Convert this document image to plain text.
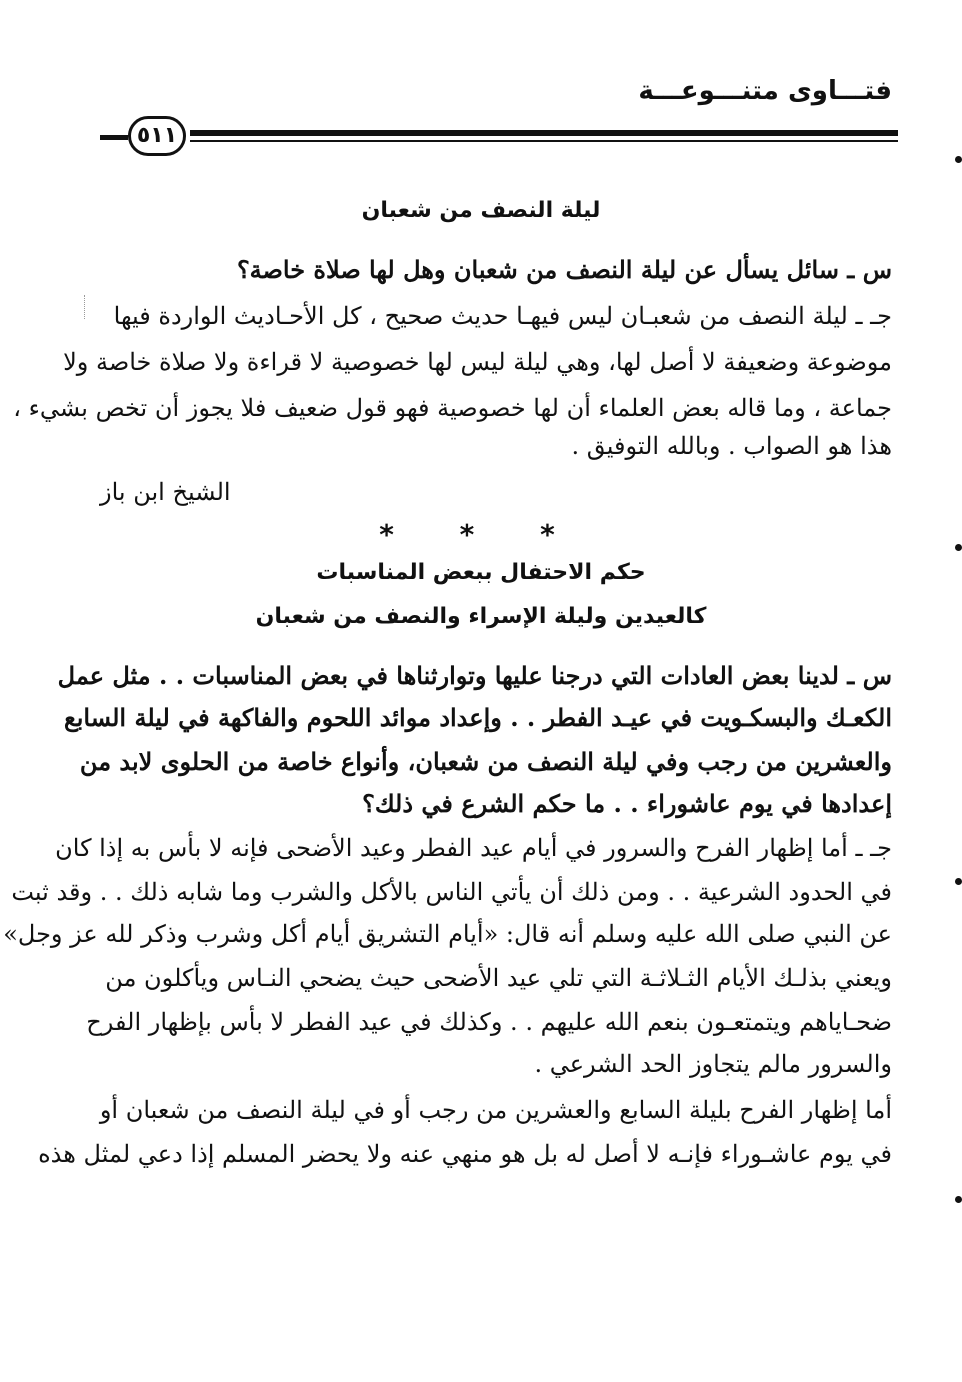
فتـــاوى متنـــوعـــة
٥١١
ليلة النصف من شعبان
س ـ سائل يسأل عن ليلة النصف من شعبان وهل لها صلاة خاصة؟
جـ ـ ليلة النصف من شعبـان ليس فيهـا حديث صحيح ، كل الأحـاديث الواردة فيها
موضوعة وضعيفة لا أصل لها، وهي ليلة ليس لها خصوصية لا قراءة ولا صلاة خاصة ولا
جماعة ، وما قاله بعض العلماء أن لها خصوصية فهو قول ضعيف فلا يجوز أن تخص بشيء ،
هذا هو الصواب . وبالله التوفيق .
الشيخ ابن باز
* * *
حكم الاحتفال ببعض المناسبات
كالعيدين وليلة الإسراء والنصف من شعبان
س ـ لدينا بعض العادات التي درجنا عليها وتوارثناها في بعض المناسبات . . مثل عمل
الكعـك والبسكـويت في عيـد الفطر . . وإعداد موائد اللحوم والفاكهة في ليلة السابع
والعشرين من رجب وفي ليلة النصف من شعبان، وأنواع خاصة من الحلوى لابد من
إعدادها في يوم عاشوراء . . ما حكم الشرع في ذلك؟
جـ ـ أما إظهار الفرح والسرور في أيام عيد الفطر وعيد الأضحى فإنه لا بأس به إذا كان
في الحدود الشرعية . . ومن ذلك أن يأتي الناس بالأكل والشرب وما شابه ذلك . . وقد ثبت
عن النبي صلى الله عليه وسلم أنه قال: «أيام التشريق أيام أكل وشرب وذكر لله عز وجل»
ويعني بذلـك الأيام الثـلاثـة التي تلي عيد الأضحى حيث يضحي النـاس ويأكلون من
ضحـاياهم ويتمتعـون بنعم الله عليهم . . وكذلك في عيد الفطر لا بأس بإظهار الفرح
والسرور مالم يتجاوز الحد الشرعي .
أما إظهار الفرح بليلة السابع والعشرين من رجب أو في ليلة النصف من شعبان أو
في يوم عاشـوراء فإنـه لا أصل له بل هو منهي عنه ولا يحضر المسلم إذا دعي لمثل هذه
